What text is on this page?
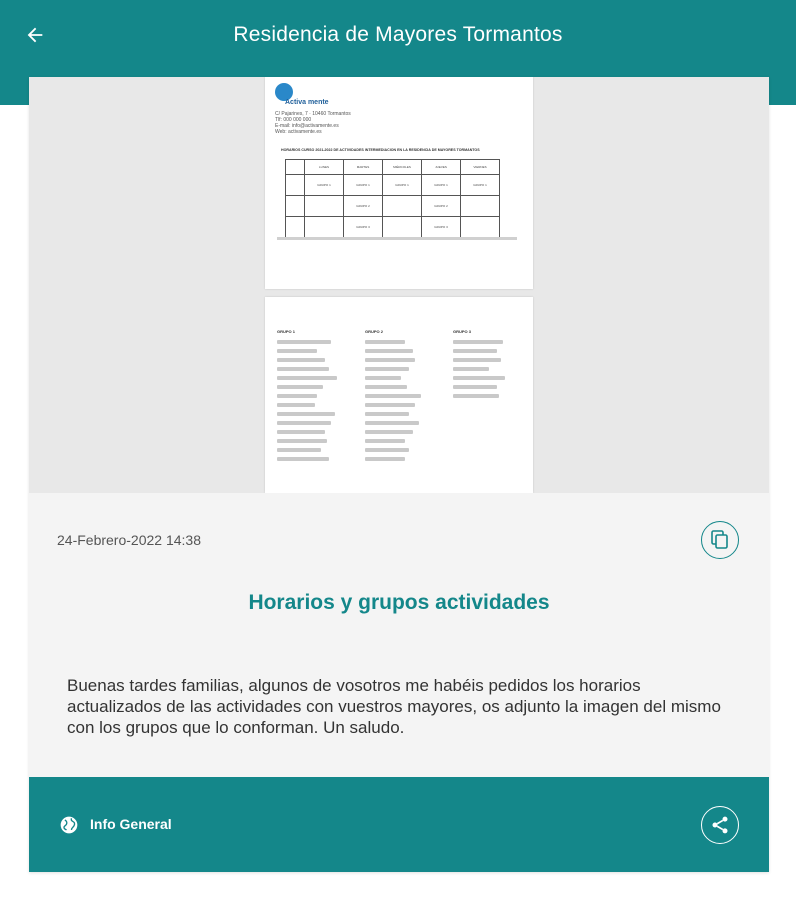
Residencia de Mayores Tormantos
Activa mente
C/ Pajarines, 7 · 10460 Tormantos
Tlf: 000 000 000
E-mail: info@activamente.es
Web: activamente.es
HORARIOS CURSO 2021-2022 DE ACTIVIDADES INTERMEDIACION EN LA RESIDENCIA DE MAYORES TORMANTOS
	LUNES	MARTES	MIÉRCOLES	JUEVES	VIERNES
	GRUPO 1	GRUPO 1	GRUPO 1	GRUPO 1	GRUPO 1
		GRUPO 2		GRUPO 2	
		GRUPO 3		GRUPO 3	
GRUPO 1	GRUPO 2	GRUPO 3
24-Febrero-2022 14:38
Horarios y grupos actividades
Buenas tardes familias, algunos de vosotros me habéis pedidos los horarios actualizados de las actividades con vuestros mayores, os adjunto la imagen del mismo con los grupos que lo conforman. Un saludo.
Info General
